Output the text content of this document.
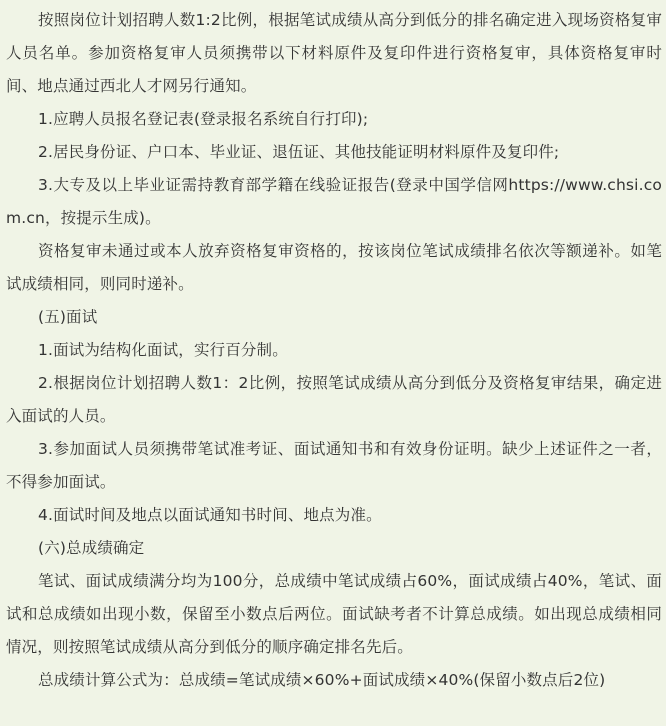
按照岗位计划招聘人数1:2比例，根据笔试成绩从高分到低分的排名确定进入现场资格复审人员名单。参加资格复审人员须携带以下材料原件及复印件进行资格复审，具体资格复审时间、地点通过西北人才网另行通知。

1.应聘人员报名登记表(登录报名系统自行打印);

2.居民身份证、户口本、毕业证、退伍证、其他技能证明材料原件及复印件;

3.大专及以上毕业证需持教育部学籍在线验证报告(登录中国学信网https://www.chsi.com.cn，按提示生成)。

资格复审未通过或本人放弃资格复审资格的，按该岗位笔试成绩排名依次等额递补。如笔试成绩相同，则同时递补。

(五)面试

1.面试为结构化面试，实行百分制。

2.根据岗位计划招聘人数1：2比例，按照笔试成绩从高分到低分及资格复审结果，确定进入面试的人员。

3.参加面试人员须携带笔试准考证、面试通知书和有效身份证明。缺少上述证件之一者，不得参加面试。

4.面试时间及地点以面试通知书时间、地点为准。

(六)总成绩确定

笔试、面试成绩满分均为100分，总成绩中笔试成绩占60%，面试成绩占40%，笔试、面试和总成绩如出现小数，保留至小数点后两位。面试缺考者不计算总成绩。如出现总成绩相同情况，则按照笔试成绩从高分到低分的顺序确定排名先后。

总成绩计算公式为：总成绩=笔试成绩×60%+面试成绩×40%(保留小数点后2位)
